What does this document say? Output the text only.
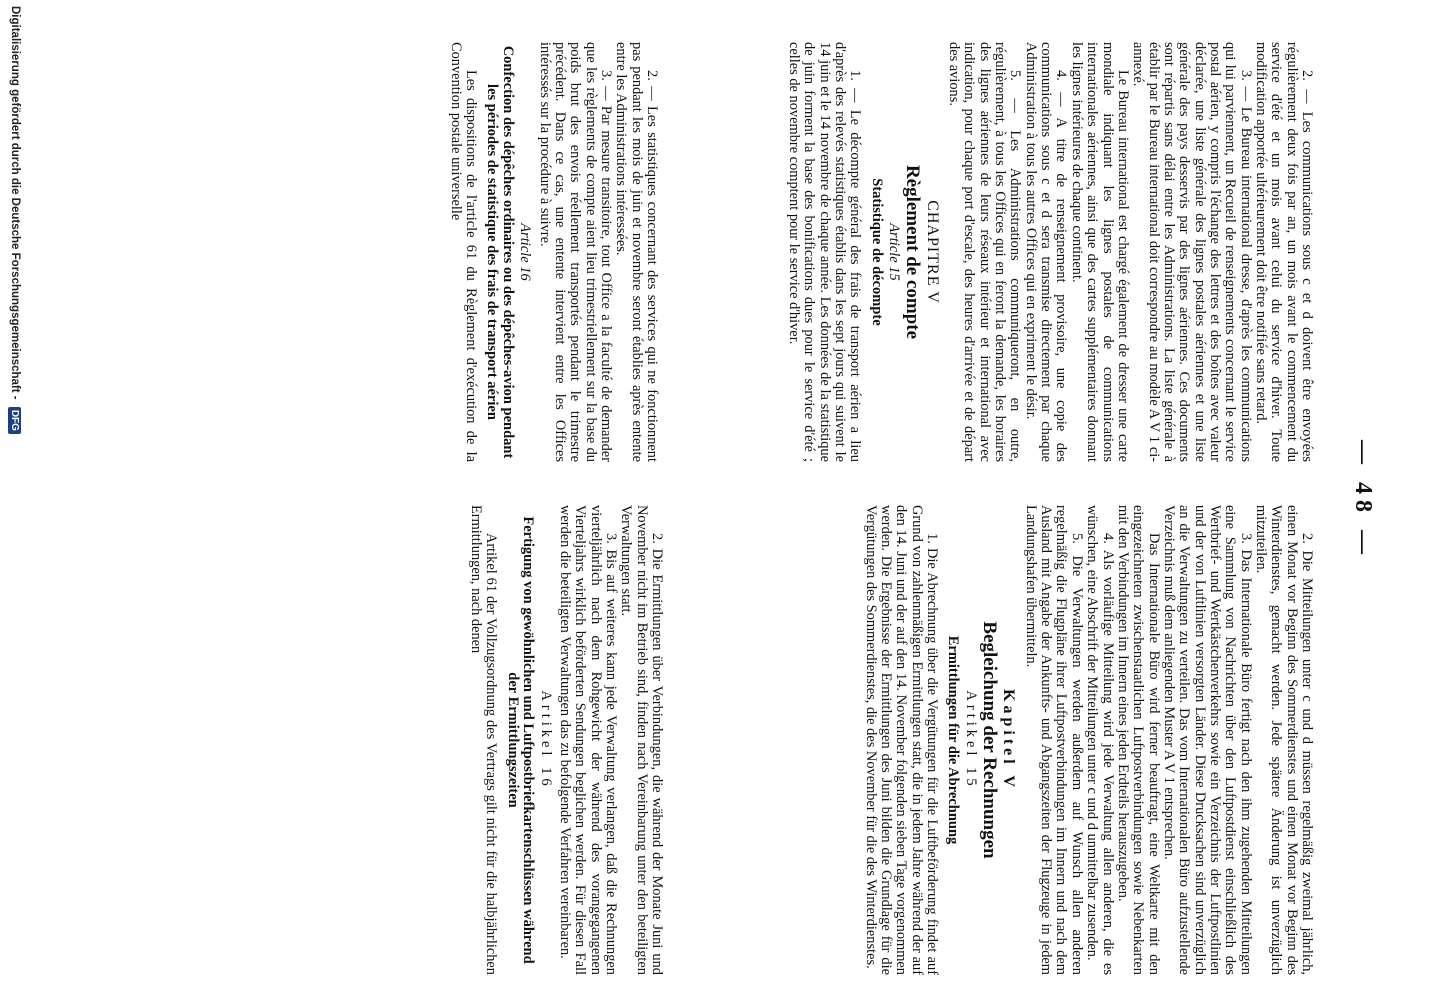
— 48 —
2. — Les communications sous c et d doivent être envoyées régulièrement deux fois par an, un mois avant le commencement du service d'été et un mois avant celui du service d'hiver. Toute modification apportée ultérieurement doit être notifiée sans retard.
3. — Le Bureau international dresse, d'après les communications qui lui parviennent, un Recueil de renseignements concernant le service postal aérien, y compris l'échange des lettres et des boîtes avec valeur déclarée, une liste générale des lignes postales aériennes et une liste générale des pays desservis par des lignes aériennes. Ces documents sont répartis sans délai entre les Administrations. La liste générale à établir par le Bureau international doit correspondre au modèle A V 1 ci-annexé.
Le Bureau international est chargé également de dresser une carte mondiale indiquant les lignes postales de communications internationales aériennes, ainsi que des cartes supplémentaires donnant les lignes intérieures de chaque continent.
4. — A titre de renseignement provisoire, une copie des communications sous c et d sera transmise directement par chaque Administration à tous les autres Offices qui en expriment le désir.
5. — Les Administrations communiqueront, en outre, régulièrement, à tous les Offices qui en feront la demande, les horaires des lignes aériennes de leurs réseaux intérieur et international avec indication, pour chaque port d'escale, des heures d'arrivée et de départ des avions.
CHAPITRE V
Règlement de compte
Article 15
Statistique de décompte
1. — Le décompte général des frais de transport aérien a lieu d'après des relevés statistiques établis dans les sept jours qui suivent le 14 juin et le 14 novembre de chaque année. Les données de la statistique de juin forment la base des bonifications dues pour le service d'été ; celles de novembre comptent pour le service d'hiver.
2. — Les statistiques concernant des services qui ne fonctionnent pas pendant les mois de juin et novembre seront établies après entente entre les Administrations intéressées.
3. — Par mesure transitoire, tout Office a la faculté de demander que les règlements de compte aient lieu trimestriellement sur la base du poids brut des envois réellement transportés pendant le trimestre précédent. Dans ce cas, une entente intervient entre les Offices intéressés sur la procédure à suivre.
Article 16
Confection des dépêches ordinaires ou des dépêches-avion pendant les périodes de statistique des frais de transport aérien
Les dispositions de l'article 61 du Règlement d'exécution de la Convention postale universelle
2. Die Mitteilungen unter c und d müssen regelmäßig zweimal jährlich, einen Monat vor Beginn des Sommerdienstes und einen Monat vor Beginn des Winterdienstes, gemacht werden. Jede spätere Änderung ist unverzüglich mitzuteilen.
3. Das Internationale Büro fertigt nach den ihm zugehenden Mitteilungen eine Sammlung von Nachrichten über den Luftpostdienst einschließlich des Wertbrief- und Wertkästchenverkehrs sowie ein Verzeichnis der Luftpostlinien und der von Luftlinien versorgten Länder. Diese Drucksachen sind unverzüglich an die Verwaltungen zu verteilen. Das vom Internationalen Büro aufzustellende Verzeichnis muß dem anliegenden Muster A V 1 entsprechen.
Das Internationale Büro wird ferner beauftragt, eine Weltkarte mit den eingezeichneten zwischenstaatlichen Luftpostverbindungen sowie Nebenkarten mit den Verbindungen im Innern eines jeden Erdteils herauszugeben.
4. Als vorläufige Mitteilung wird jede Verwaltung allen anderen, die es wünschen, eine Abschrift der Mitteilungen unter c und d unmittelbar zusenden.
5. Die Verwaltungen werden außerdem auf Wunsch allen anderen regelmäßig die Flugpläne ihrer Luftpostverbindungen im Innern und nach dem Ausland mit Angabe der Ankunfts- und Abgangszeiten der Flugzeuge in jedem Landungshafen übermitteln.
Kapitel V
Begleichung der Rechnungen
Artikel 15
Ermittlungen für die Abrechnung
1. Die Abrechnung über die Vergütungen für die Luftbeförderung findet auf Grund von zahlenmäßigen Ermittlungen statt, die in jedem Jahre während der auf den 14. Juni und der auf den 14. November folgenden sieben Tage vorgenommen werden. Die Ergebnisse der Ermittlungen des Juni bilden die Grundlage für die Vergütungen des Sommerdienstes, die des November für die des Winterdienstes.
2. Die Ermittlungen über Verbindungen, die während der Monate Juni und November nicht im Betrieb sind, finden nach Vereinbarung unter den beteiligten Verwaltungen statt.
3. Bis auf weiteres kann jede Verwaltung verlangen, daß die Rechnungen vierteljährlich nach dem Rohgewicht der während des vorangegangenen Vierteljahrs wirklich beförderten Sendungen beglichen werden. Für diesen Fall werden die beteiligten Verwaltungen das zu befolgende Verfahren vereinbaren.
Artikel 16
Fertigung von gewöhnlichen und Luftpostbriefkartenschlüssen während der Ermittlungszeiten
Artikel 61 der Vollzugsordnung des Vertrags gilt nicht für die halbjährlichen Ermittlungen, nach denen
Digitalisierung gefördert durch die Deutsche Forschungsgemeinschaft - DFG
